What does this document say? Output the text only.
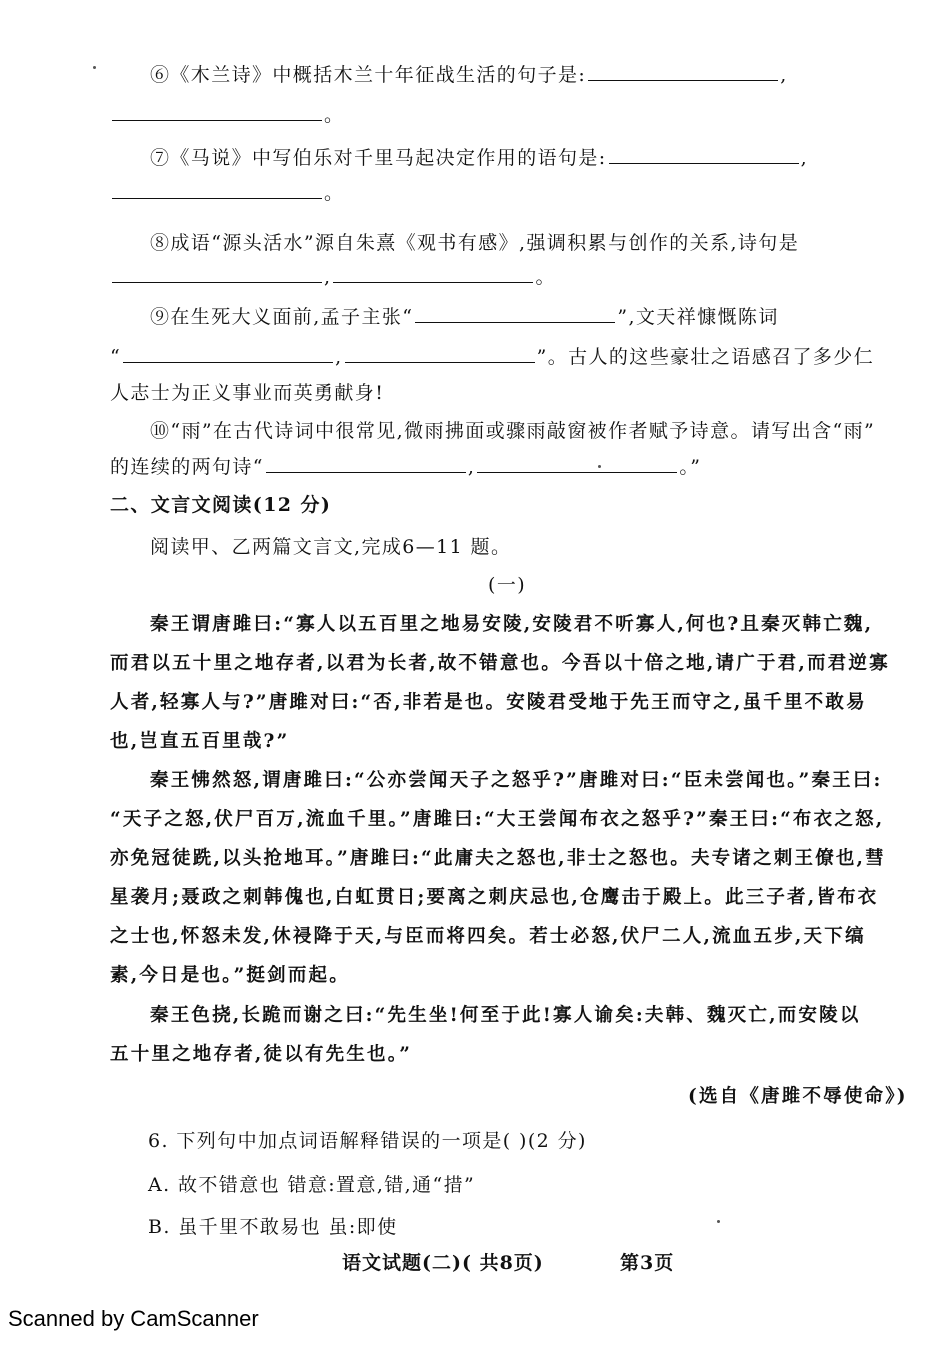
⑥《木兰诗》中概括木兰十年征战生活的句子是:	,
。
⑦《马说》中写伯乐对千里马起决定作用的语句是:	,
。
⑧成语“源头活水”源自朱熹《观书有感》,强调积累与创作的关系,诗句是
,	。
⑨在生死大义面前,孟子主张“	”,文天祥慷慨陈词
“	,	”。古人的这些豪壮之语感召了多少仁
人志士为正义事业而英勇献身!
⑩“雨”在古代诗词中很常见,微雨拂面或骤雨敲窗被作者赋予诗意。请写出含“雨”
的连续的两句诗“	,	。”
二、文言文阅读(12 分)
阅读甲、乙两篇文言文,完成6—11 题。
(一)
秦王谓唐雎曰:“寡人以五百里之地易安陵,安陵君不听寡人,何也?且秦灭韩亡魏,
而君以五十里之地存者,以君为长者,故不错意也。今吾以十倍之地,请广于君,而君逆寡
人者,轻寡人与?”唐雎对曰:“否,非若是也。安陵君受地于先王而守之,虽千里不敢易
也,岂直五百里哉?”
秦王怫然怒,谓唐雎曰:“公亦尝闻天子之怒乎?”唐雎对曰:“臣未尝闻也。”秦王曰:
“天子之怒,伏尸百万,流血千里。”唐雎曰:“大王尝闻布衣之怒乎?”秦王曰:“布衣之怒,
亦免冠徒跣,以头抢地耳。”唐雎曰:“此庸夫之怒也,非士之怒也。夫专诸之刺王僚也,彗
星袭月;聂政之刺韩傀也,白虹贯日;要离之刺庆忌也,仓鹰击于殿上。此三子者,皆布衣
之士也,怀怒未发,休祲降于天,与臣而将四矣。若士必怒,伏尸二人,流血五步,天下缟
素,今日是也。”挺剑而起。
秦王色挠,长跪而谢之曰:“先生坐!何至于此!寡人谕矣:夫韩、魏灭亡,而安陵以
五十里之地存者,徒以有先生也。”
(选自《唐雎不辱使命》)
6. 下列句中加点词语解释错误的一项是( )(2 分)
A. 故不错意也 错意:置意,错,通“措”
B. 虽千里不敢易也 虽:即使
语文试题(二)( 共8页)	第3页
Scanned by CamScanner
